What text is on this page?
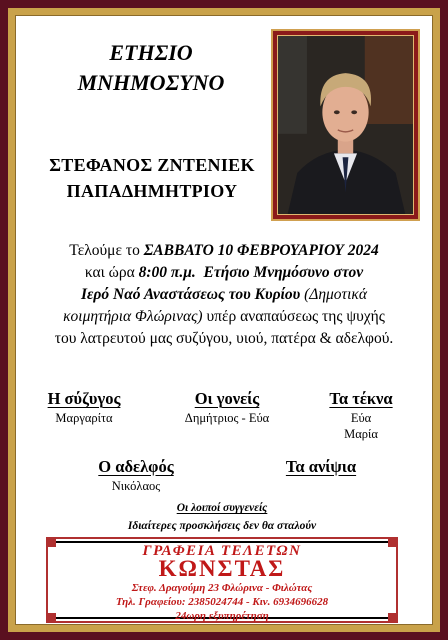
ΕΤΗΣΙΟ
ΜΝΗΜΟΣΥΝΟ
ΣΤΕΦΑΝΟΣ ΖΝΤΕΝΙΕΚ
ΠΑΠΑΔΗΜΗΤΡΙΟΥ
Τελούμε το ΣΑΒΒΑΤΟ 10 ΦΕΒΡΟΥΑΡΙΟΥ 2024
και ώρα 8:00 π.μ. Ετήσιο Μνημόσυνο στον
Ιερό Ναό Αναστάσεως του Κυρίου (Δημοτικά
κοιμητήρια Φλώρινας) υπέρ αναπαύσεως της ψυχής
του λατρευτού μας συζύγου, υιού, πατέρα & αδελφού.
Η σύζυγος
Μαργαρίτα
Οι γονείς
Δημήτριος - Εύα
Τα τέκνα
Εύα
Μαρία
Ο αδελφός
Νικόλαος
Τα ανίψια
Οι λοιποί συγγενείς
Ιδιαίτερες προσκλήσεις δεν θα σταλούν
ΓΡΑΦΕΙΑ ΤΕΛΕΤΩΝ
ΚΩΝΣΤΑΣ
Στεφ. Δραγούμη 23 Φλώρινα - Φιλώτας
Τηλ. Γραφείου: 2385024744 - Κιν. 6934696628
24ωρη εξυπηρέτηση
